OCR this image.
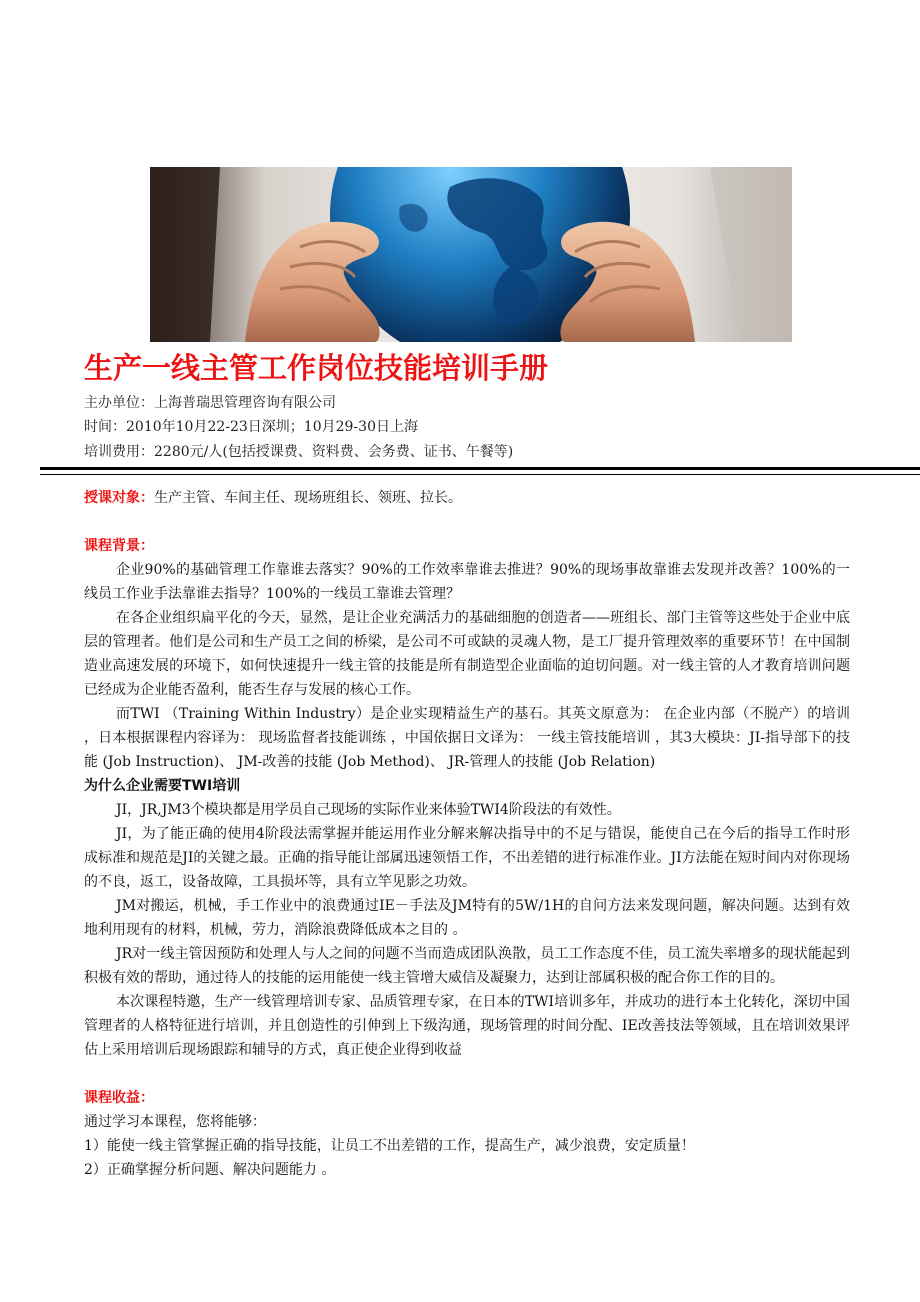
生产一线主管工作岗位技能培训手册
主办单位：上海普瑞思管理咨询有限公司
时间：2010年10月22-23日深圳；10月29-30日上海
培训费用：2280元/人(包括授课费、资料费、会务费、证书、午餐等)

授课对象：生产主管、车间主任、现场班组长、领班、拉长。

课程背景：

企业90%的基础管理工作靠谁去落实？90%的工作效率靠谁去推进？90%的现场事故靠谁去发现并改善？100%的一线员工作业手法靠谁去指导？100%的一线员工靠谁去管理？

在各企业组织扁平化的今天，显然，是让企业充满活力的基础细胞的创造者——班组长、部门主管等这些处于企业中底层的管理者。他们是公司和生产员工之间的桥梁，是公司不可或缺的灵魂人物，是工厂提升管理效率的重要环节！在中国制造业高速发展的环境下，如何快速提升一线主管的技能是所有制造型企业面临的迫切问题。对一线主管的人才教育培训问题已经成为企业能否盈利，能否生存与发展的核心工作。

而TWI （Training Within Industry）是企业实现精益生产的基石。其英文原意为： 在企业内部（不脱产）的培训 ，日本根据课程内容译为： 现场监督者技能训练 ，中国依据日文译为： 一线主管技能培训 ，其3大模块：JI-指导部下的技能 (Job Instruction)、 JM-改善的技能 (Job Method)、 JR-管理人的技能 (Job Relation)

为什么企业需要TWI培训

JI，JR,JM3个模块都是用学员自己现场的实际作业来体验TWI4阶段法的有效性。

JI，为了能正确的使用4阶段法需掌握并能运用作业分解来解决指导中的不足与错误，能使自己在今后的指导工作时形成标准和规范是JI的关键之最。正确的指导能让部属迅速领悟工作，不出差错的进行标准作业。JI方法能在短时间内对你现场的不良，返工，设备故障，工具损坏等，具有立竿见影之功效。

JM对搬运，机械，手工作业中的浪费通过IE－手法及JM特有的5W/1H的自问方法来发现问题，解决问题。达到有效地利用现有的材料，机械，劳力，消除浪费降低成本之目的 。

JR对一线主管因预防和处理人与人之间的问题不当而造成团队涣散，员工工作态度不佳，员工流失率增多的现状能起到积极有效的帮助，通过待人的技能的运用能使一线主管增大威信及凝聚力，达到让部属积极的配合你工作的目的。

本次课程特邀，生产一线管理培训专家、品质管理专家，在日本的TWI培训多年，并成功的进行本土化转化，深切中国管理者的人格特征进行培训，并且创造性的引伸到上下级沟通，现场管理的时间分配、IE改善技法等领域，且在培训效果评估上采用培训后现场跟踪和辅导的方式，真正使企业得到收益

课程收益：

通过学习本课程，您将能够：

1）能使一线主管掌握正确的指导技能，让员工不出差错的工作，提高生产，减少浪费，安定质量！

2）正确掌握分析问题、解决问题能力 。
